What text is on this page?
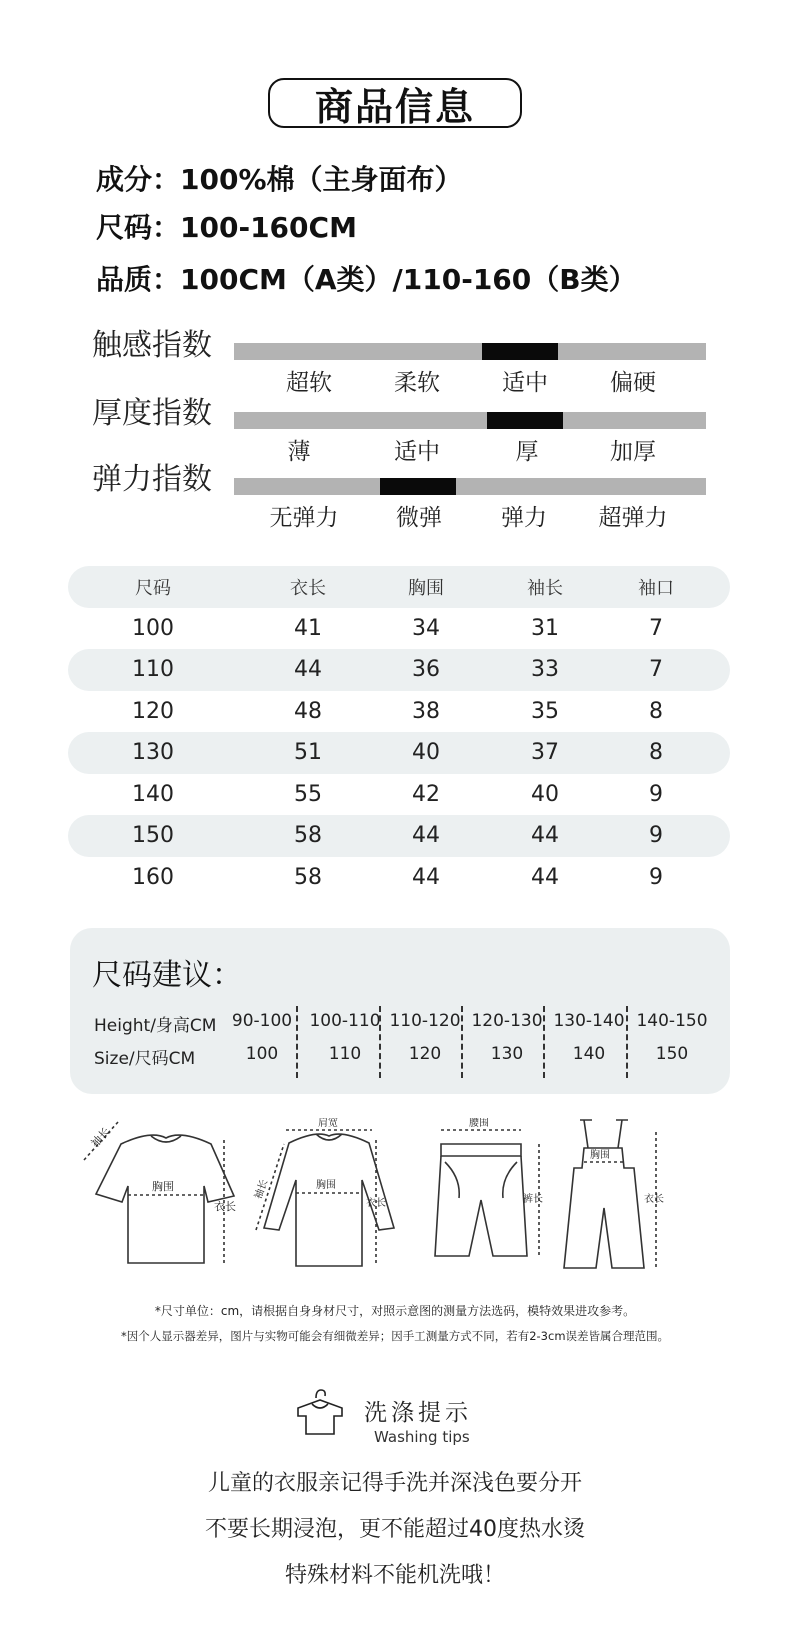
商品信息
成分：100%棉（主身面布）
尺码：100-160CM
品质：100CM（A类）/110-160（B类）
触感指数
超软	柔软	适中	偏硬
厚度指数
薄	适中	厚	加厚
弹力指数
无弹力	微弹	弹力	超弹力
尺码	衣长	胸围	袖长	袖口
100	41	34	31	7
110	44	36	33	7
120	48	38	35	8
130	51	40	37	8
140	55	42	40	9
150	58	44	44	9
160	58	44	44	9
尺码建议：
Height/身高CM
Size/尺码CM
90-100	100-110 110-120 120-130 130-140 140-150
100	110	120	130	140	150
袖长
胸围
衣长
肩宽
胸围
衣长
袖长
腰围
裤长
胸围
衣长
*尺寸单位：cm，请根据自身身材尺寸，对照示意图的测量方法选码，模特效果进攻参考。
*因个人显示器差异，图片与实物可能会有细微差异；因手工测量方式不同，若有2-3cm误差皆属合理范围。
洗涤提示
Washing tips
儿童的衣服亲记得手洗并深浅色要分开
不要长期浸泡，更不能超过40度热水烫
特殊材料不能机洗哦！
